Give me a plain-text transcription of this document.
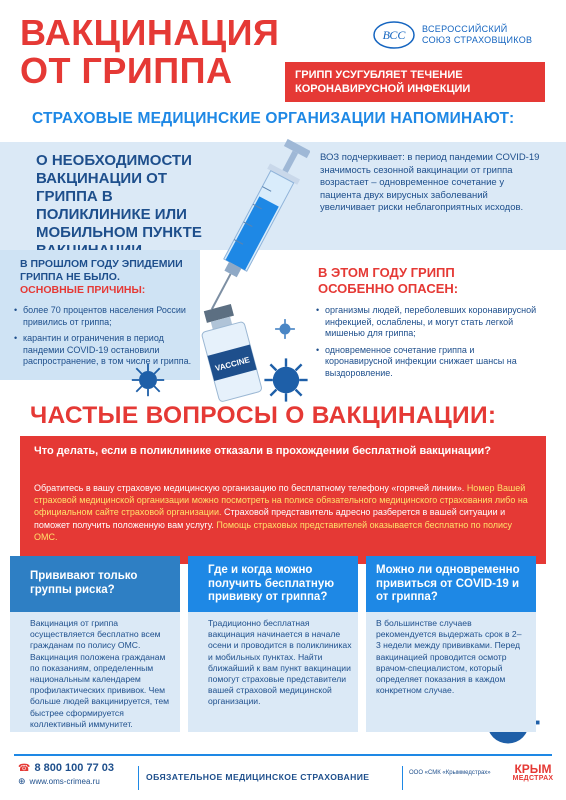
ВАКЦИНАЦИЯ
ОТ ГРИППА
ВСС ВСЕРОССИЙСКИЙ
СОЮЗ СТРАХОВЩИКОВ
ГРИПП УСУГУБЛЯЕТ ТЕЧЕНИЕ
КОРОНАВИРУСНОЙ ИНФЕКЦИИ
СТРАХОВЫЕ МЕДИЦИНСКИЕ ОРГАНИЗАЦИИ НАПОМИНАЮТ:
О НЕОБХОДИМОСТИ ВАКЦИНАЦИИ ОТ ГРИППА В ПОЛИКЛИНИКЕ ИЛИ МОБИЛЬНОМ ПУНКТЕ
ВОЗ подчеркивает: в период пандемии COVID-19 значимость сезонной вакцинации от гриппа возрастает – одновременное сочетание у пациента двух вирусных заболеваний увеличивает риски неблагоприятных исходов.
В ПРОШЛОМ ГОДУ ЭПИДЕМИИ ГРИППА НЕ БЫЛО.
ОСНОВНЫЕ ПРИЧИНЫ:
• более 70 процентов населения России привились от гриппа;
• карантин и ограничения в период пандемии COVID-19 остановили распространение, в том числе и гриппа.
В ЭТОМ ГОДУ ГРИПП ОСОБЕННО ОПАСЕН:
• организмы людей, переболевших коронавирусной инфекцией, ослаблены, и могут стать легкой мишенью для гриппа;
• одновременное сочетание гриппа и коронавирусной инфекции снижает шансы на выздоровление.
VACCINE
ЧАСТЫЕ ВОПРОСЫ О ВАКЦИНАЦИИ:
Что делать, если в поликлинике отказали в прохождении бесплатной вакцинации?
Обратитесь в вашу страховую медицинскую организацию по бесплатному телефону «горячей линии». Номер Вашей страховой медицинской организации можно посмотреть на полисе обязательного медицинского страхования либо на официальном сайте страховой организации. Страховой представитель адресно разберется в вашей ситуации и поможет получить положенную вам услугу. Помощь страховых представителей оказывается бесплатно по полису ОМС.
Прививают только группы риска?
Вакцинация от гриппа осуществляется бесплатно всем гражданам по полису ОМС. Вакцинация положена гражданам по показаниям, определенным национальным календарем профилактических прививок. Чем больше людей вакцинируется, тем быстрее сформируется коллективный иммунитет.
Где и когда можно получить бесплатную прививку от гриппа?
Традиционно бесплатная вакцинация начинается в начале осени и проводится в поликлиниках и мобильных пунктах. Найти ближайший к вам пункт вакцинации помогут страховые представители вашей страховой медицинской организации.
Можно ли одновременно привиться от COVID-19 и от гриппа?
В большинстве случаев рекомендуется выдержать срок в 2–3 недели между прививками. Перед вакцинацией проводится осмотр врачом-специалистом, который определяет показания в каждом конкретном случае.
☎ 8 800 100 77 03
⊕ www.oms-crimea.ru	ОБЯЗАТЕЛЬНОЕ МЕДИЦИНСКОЕ СТРАХОВАНИЕ	ООО «СМК «Крыммедстрах»	КРЫМ
МЕДСТРАХ
